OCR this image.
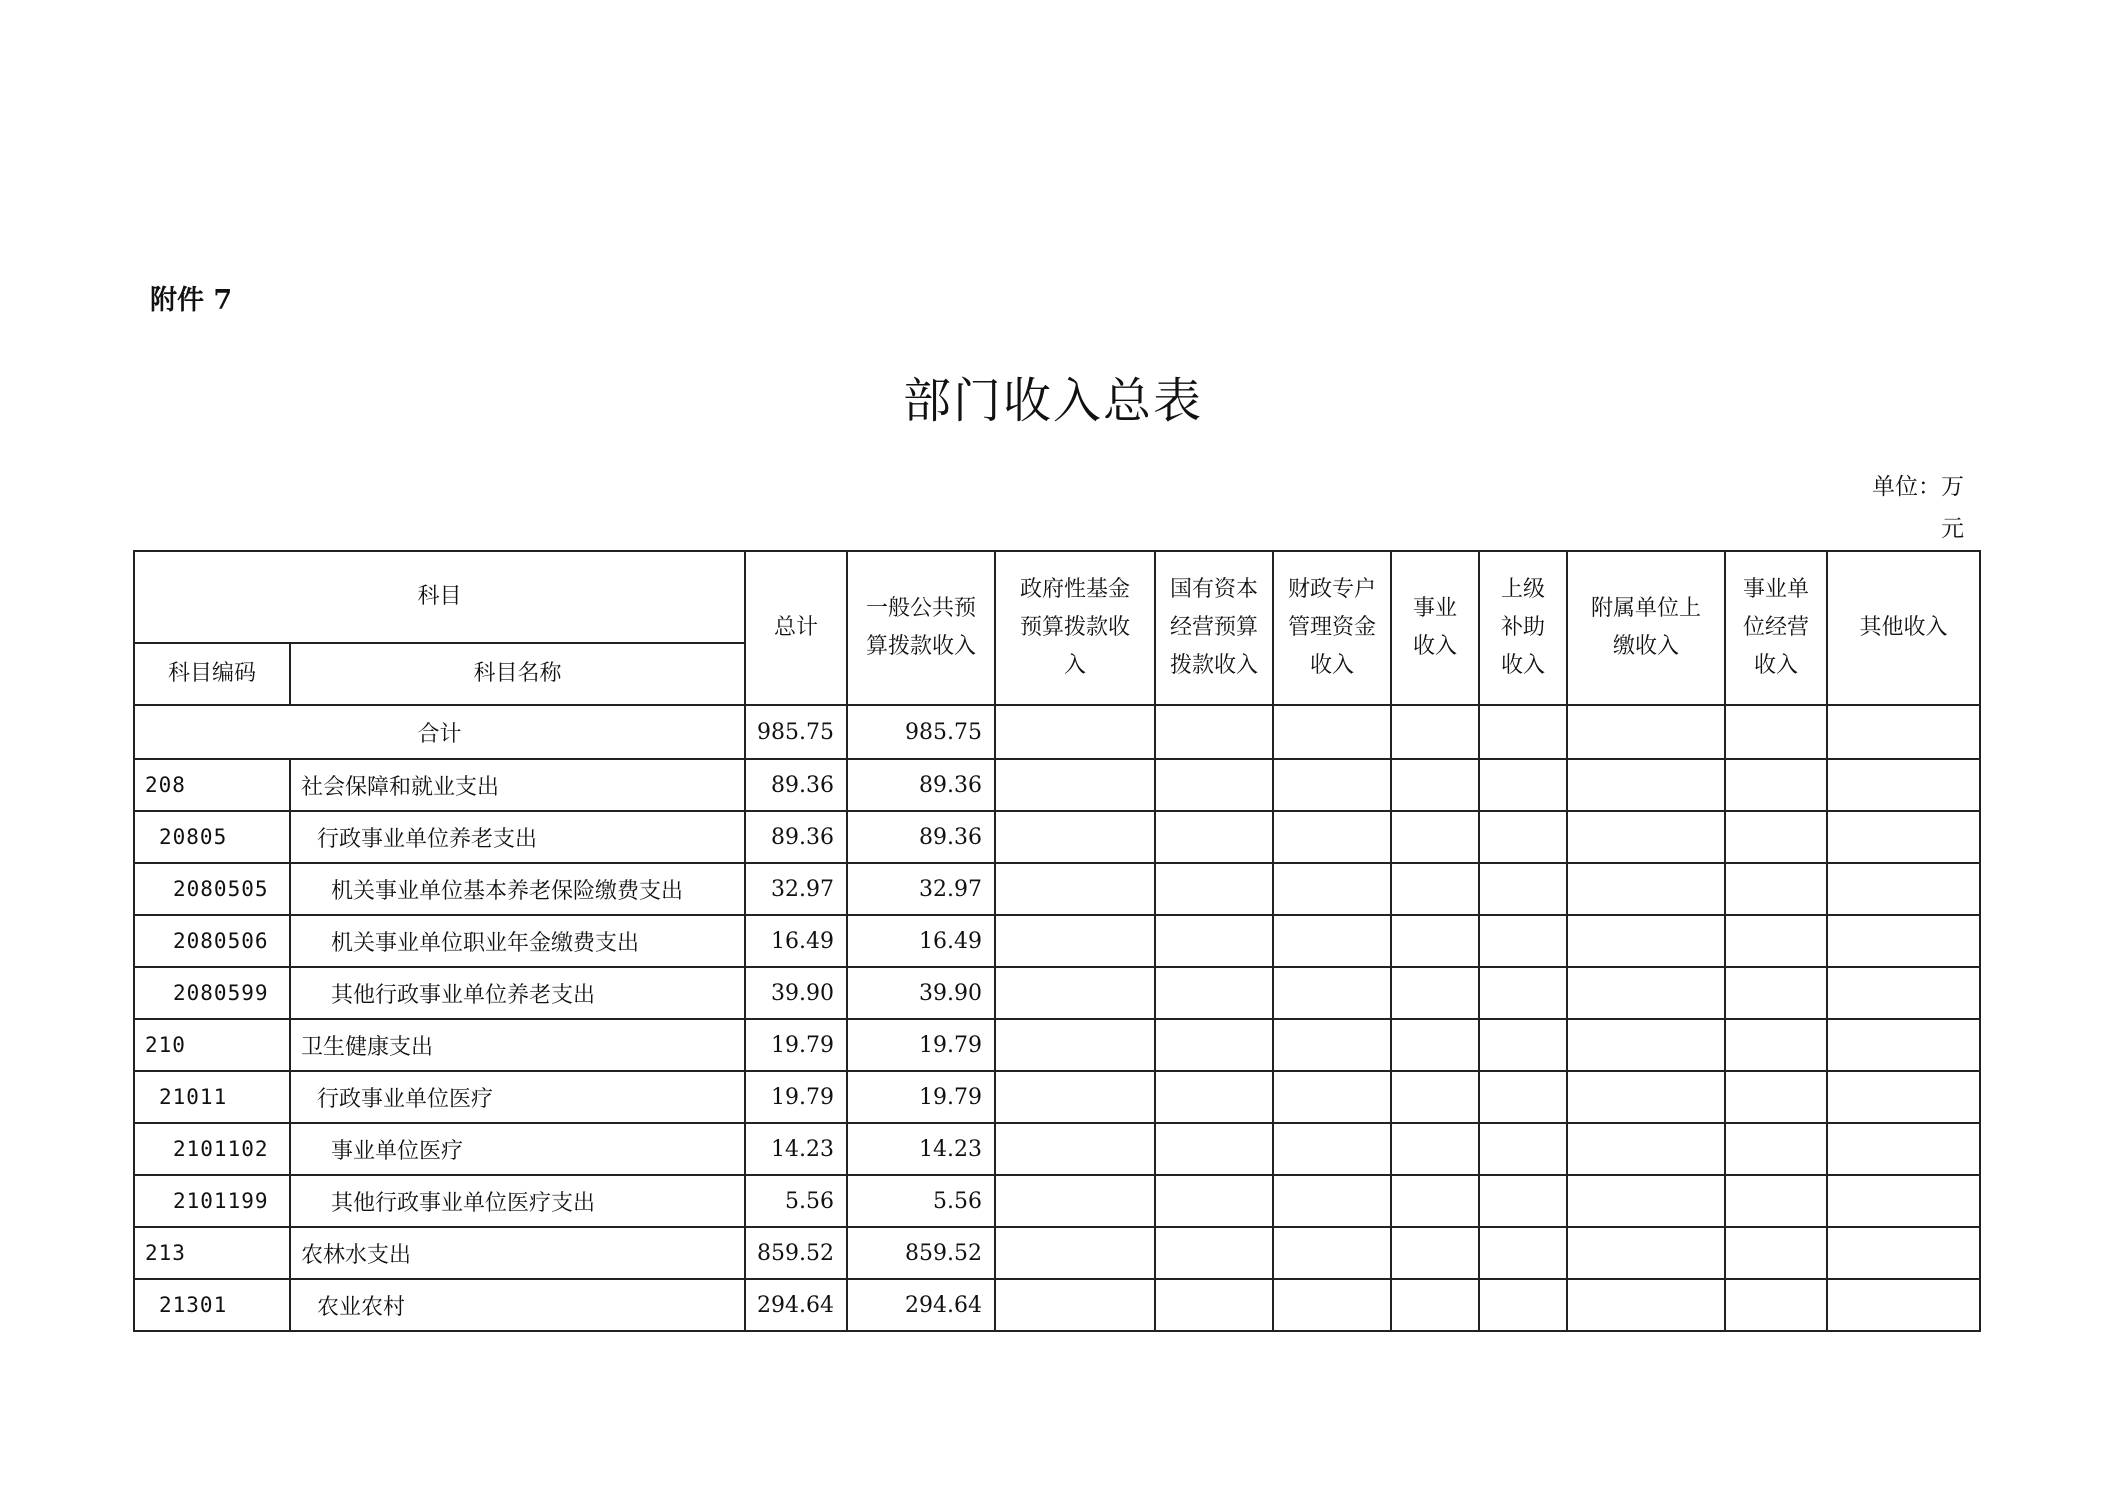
附件 7
部门收入总表
单位：万
元
科目		总计	一般公共预算拨款收入	政府性基金预算拨款收入	国有资本经营预算拨款收入	财政专户管理资金收入	事业收入	上级补助收入	附属单位上缴收入	事业单位经营收入	其他收入
科目编码	科目名称										
合计		985.75	985.75								
208	社会保障和就业支出	89.36	89.36								
20805	行政事业单位养老支出	89.36	89.36								
2080505	机关事业单位基本养老保险缴费支出	32.97	32.97								
2080506	机关事业单位职业年金缴费支出	16.49	16.49								
2080599	其他行政事业单位养老支出	39.90	39.90								
210	卫生健康支出	19.79	19.79								
21011	行政事业单位医疗	19.79	19.79								
2101102	事业单位医疗	14.23	14.23								
2101199	其他行政事业单位医疗支出	5.56	5.56								
213	农林水支出	859.52	859.52								
21301	农业农村	294.64	294.64								
